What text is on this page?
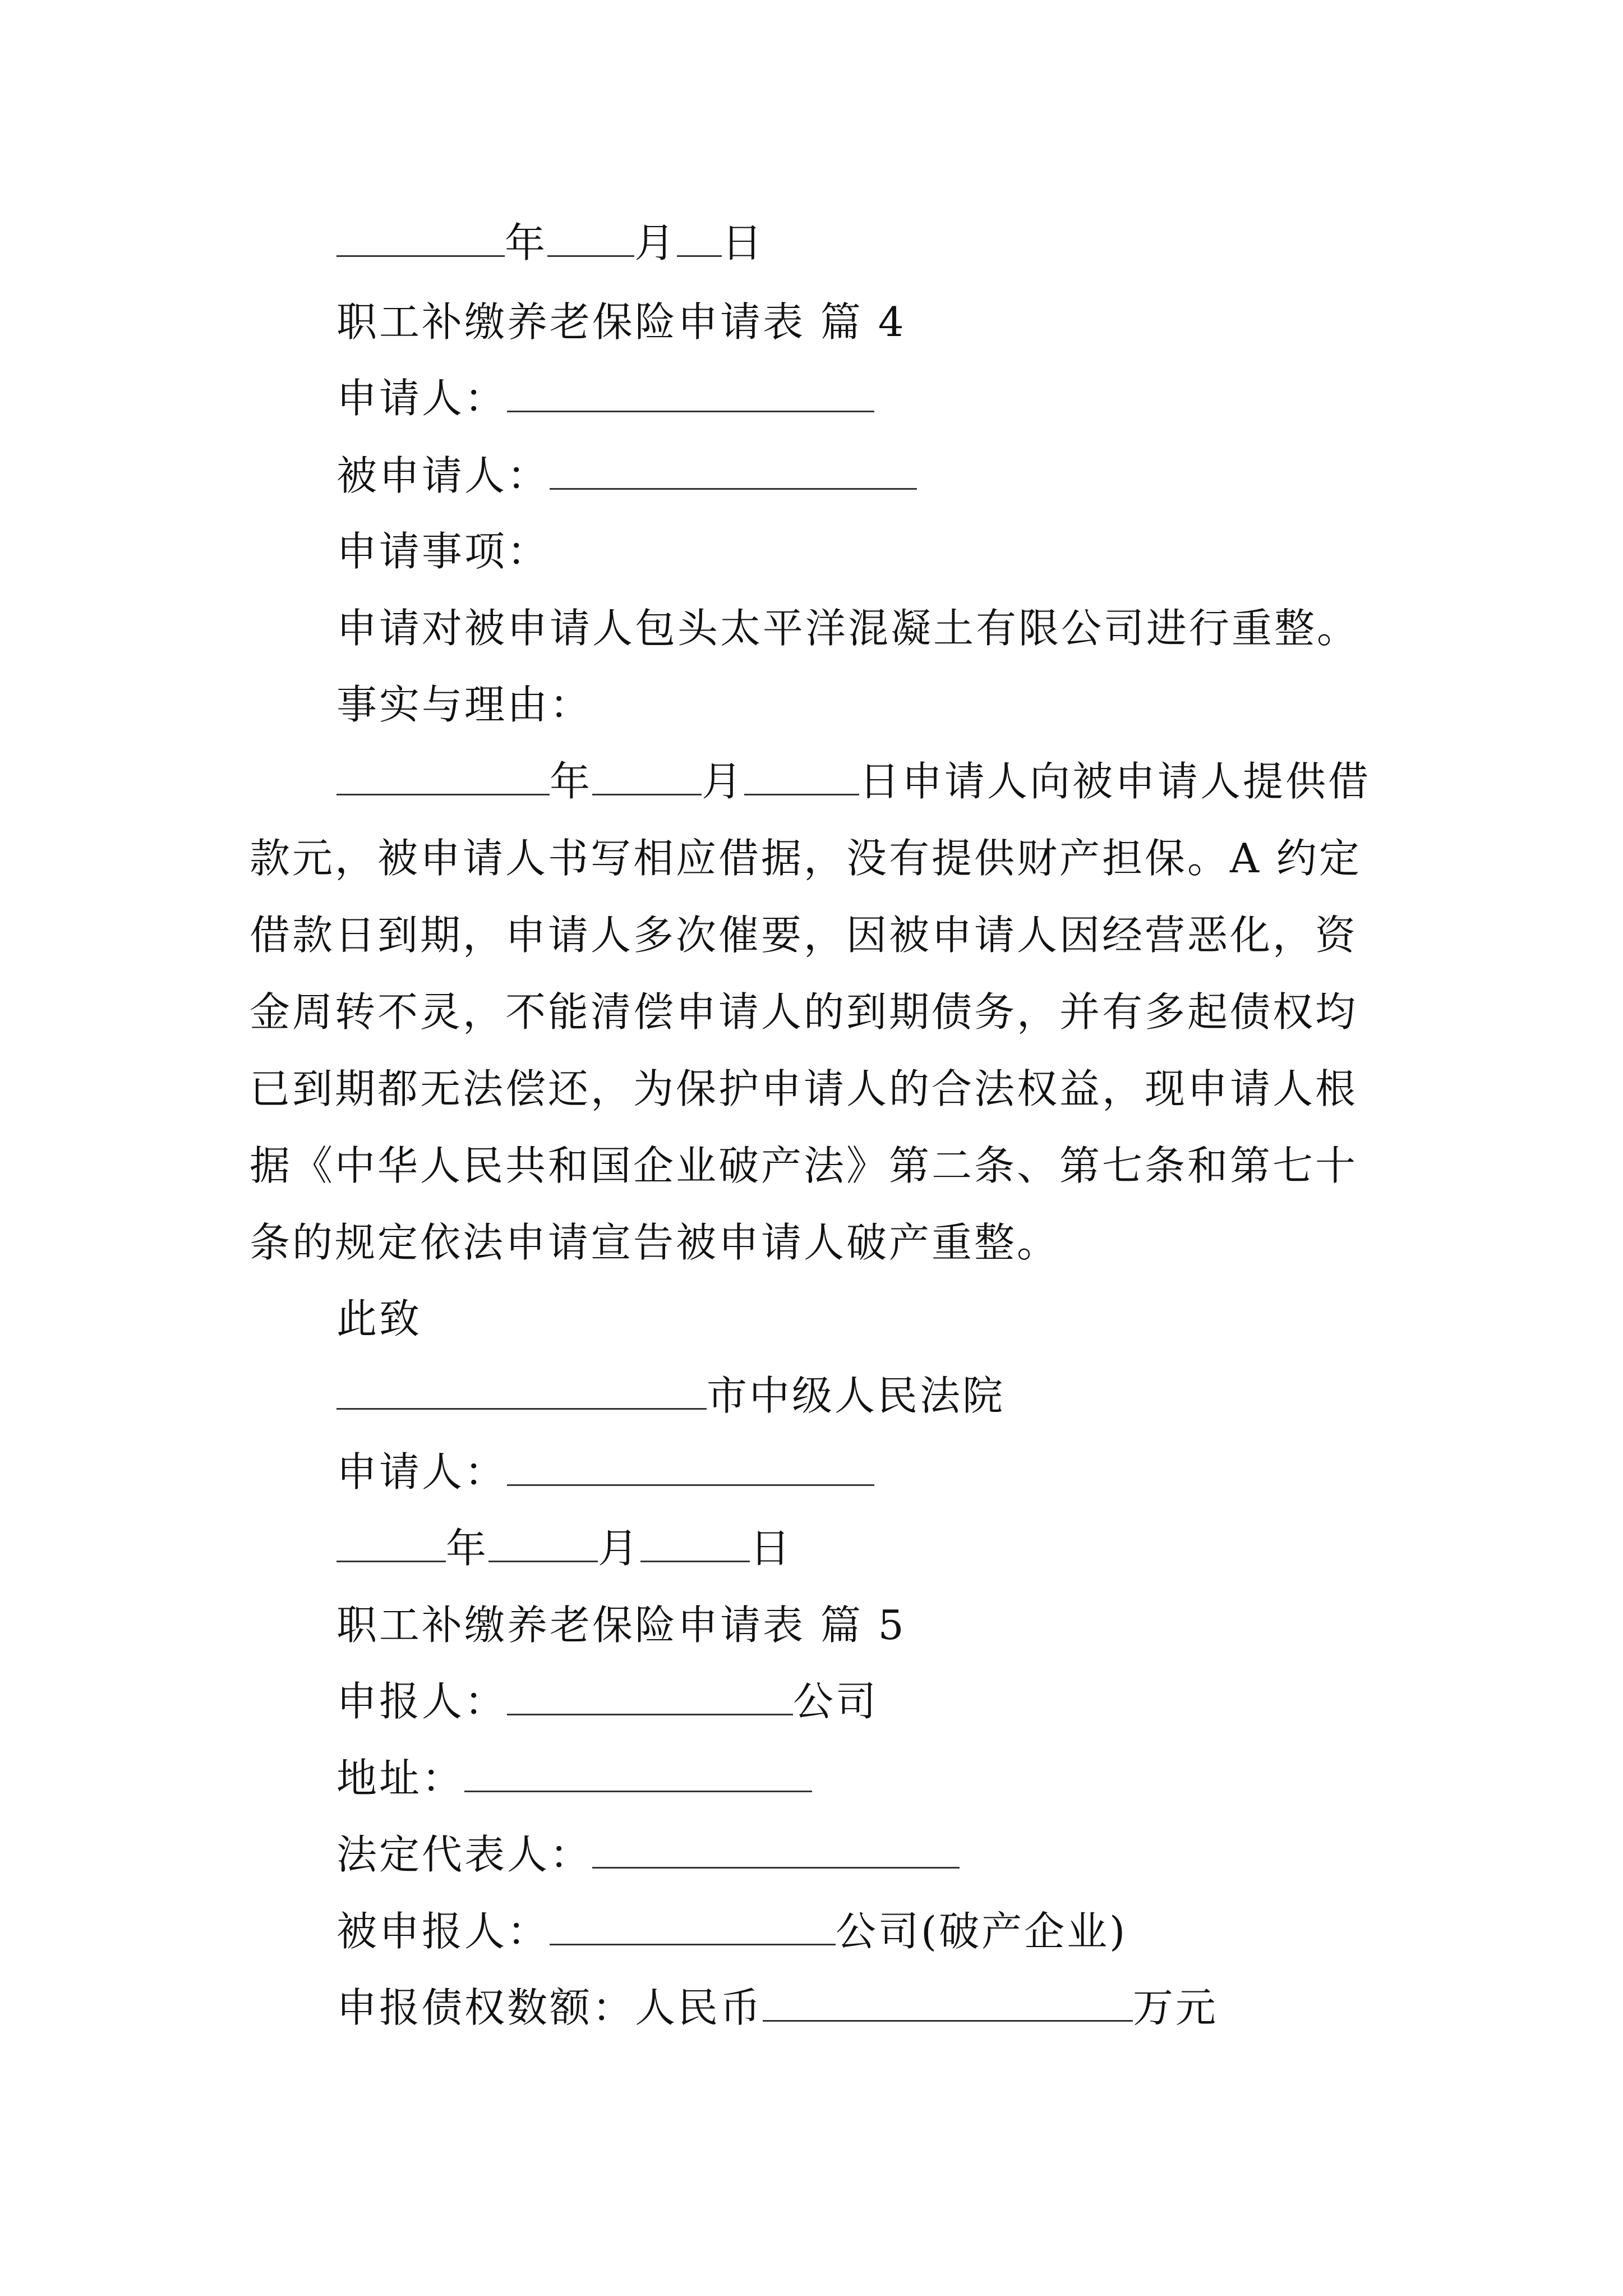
年 月 日
职工补缴养老保险申请表 篇 4
申请人：
被申请人：
申请事项：
申请对被申请人包头太平洋混凝土有限公司进行重整。
事实与理由：
年	月	日申请人向被申请人提供借
款元，被申请人书写相应借据，没有提供财产担保。A 约定
借款日到期，申请人多次催要，因被申请人因经营恶化，资
金周转不灵，不能清偿申请人的到期债务，并有多起债权均
已到期都无法偿还，为保护申请人的合法权益，现申请人根
据《中华人民共和国企业破产法》第二条、第七条和第七十
条的规定依法申请宣告被申请人破产重整。
此致
市中级人民法院
申请人：
年	月	日
职工补缴养老保险申请表 篇 5
申报人：	公司
地址：
法定代表人：
被申报人：	公司(破产企业)
申报债权数额：人民币	万元
